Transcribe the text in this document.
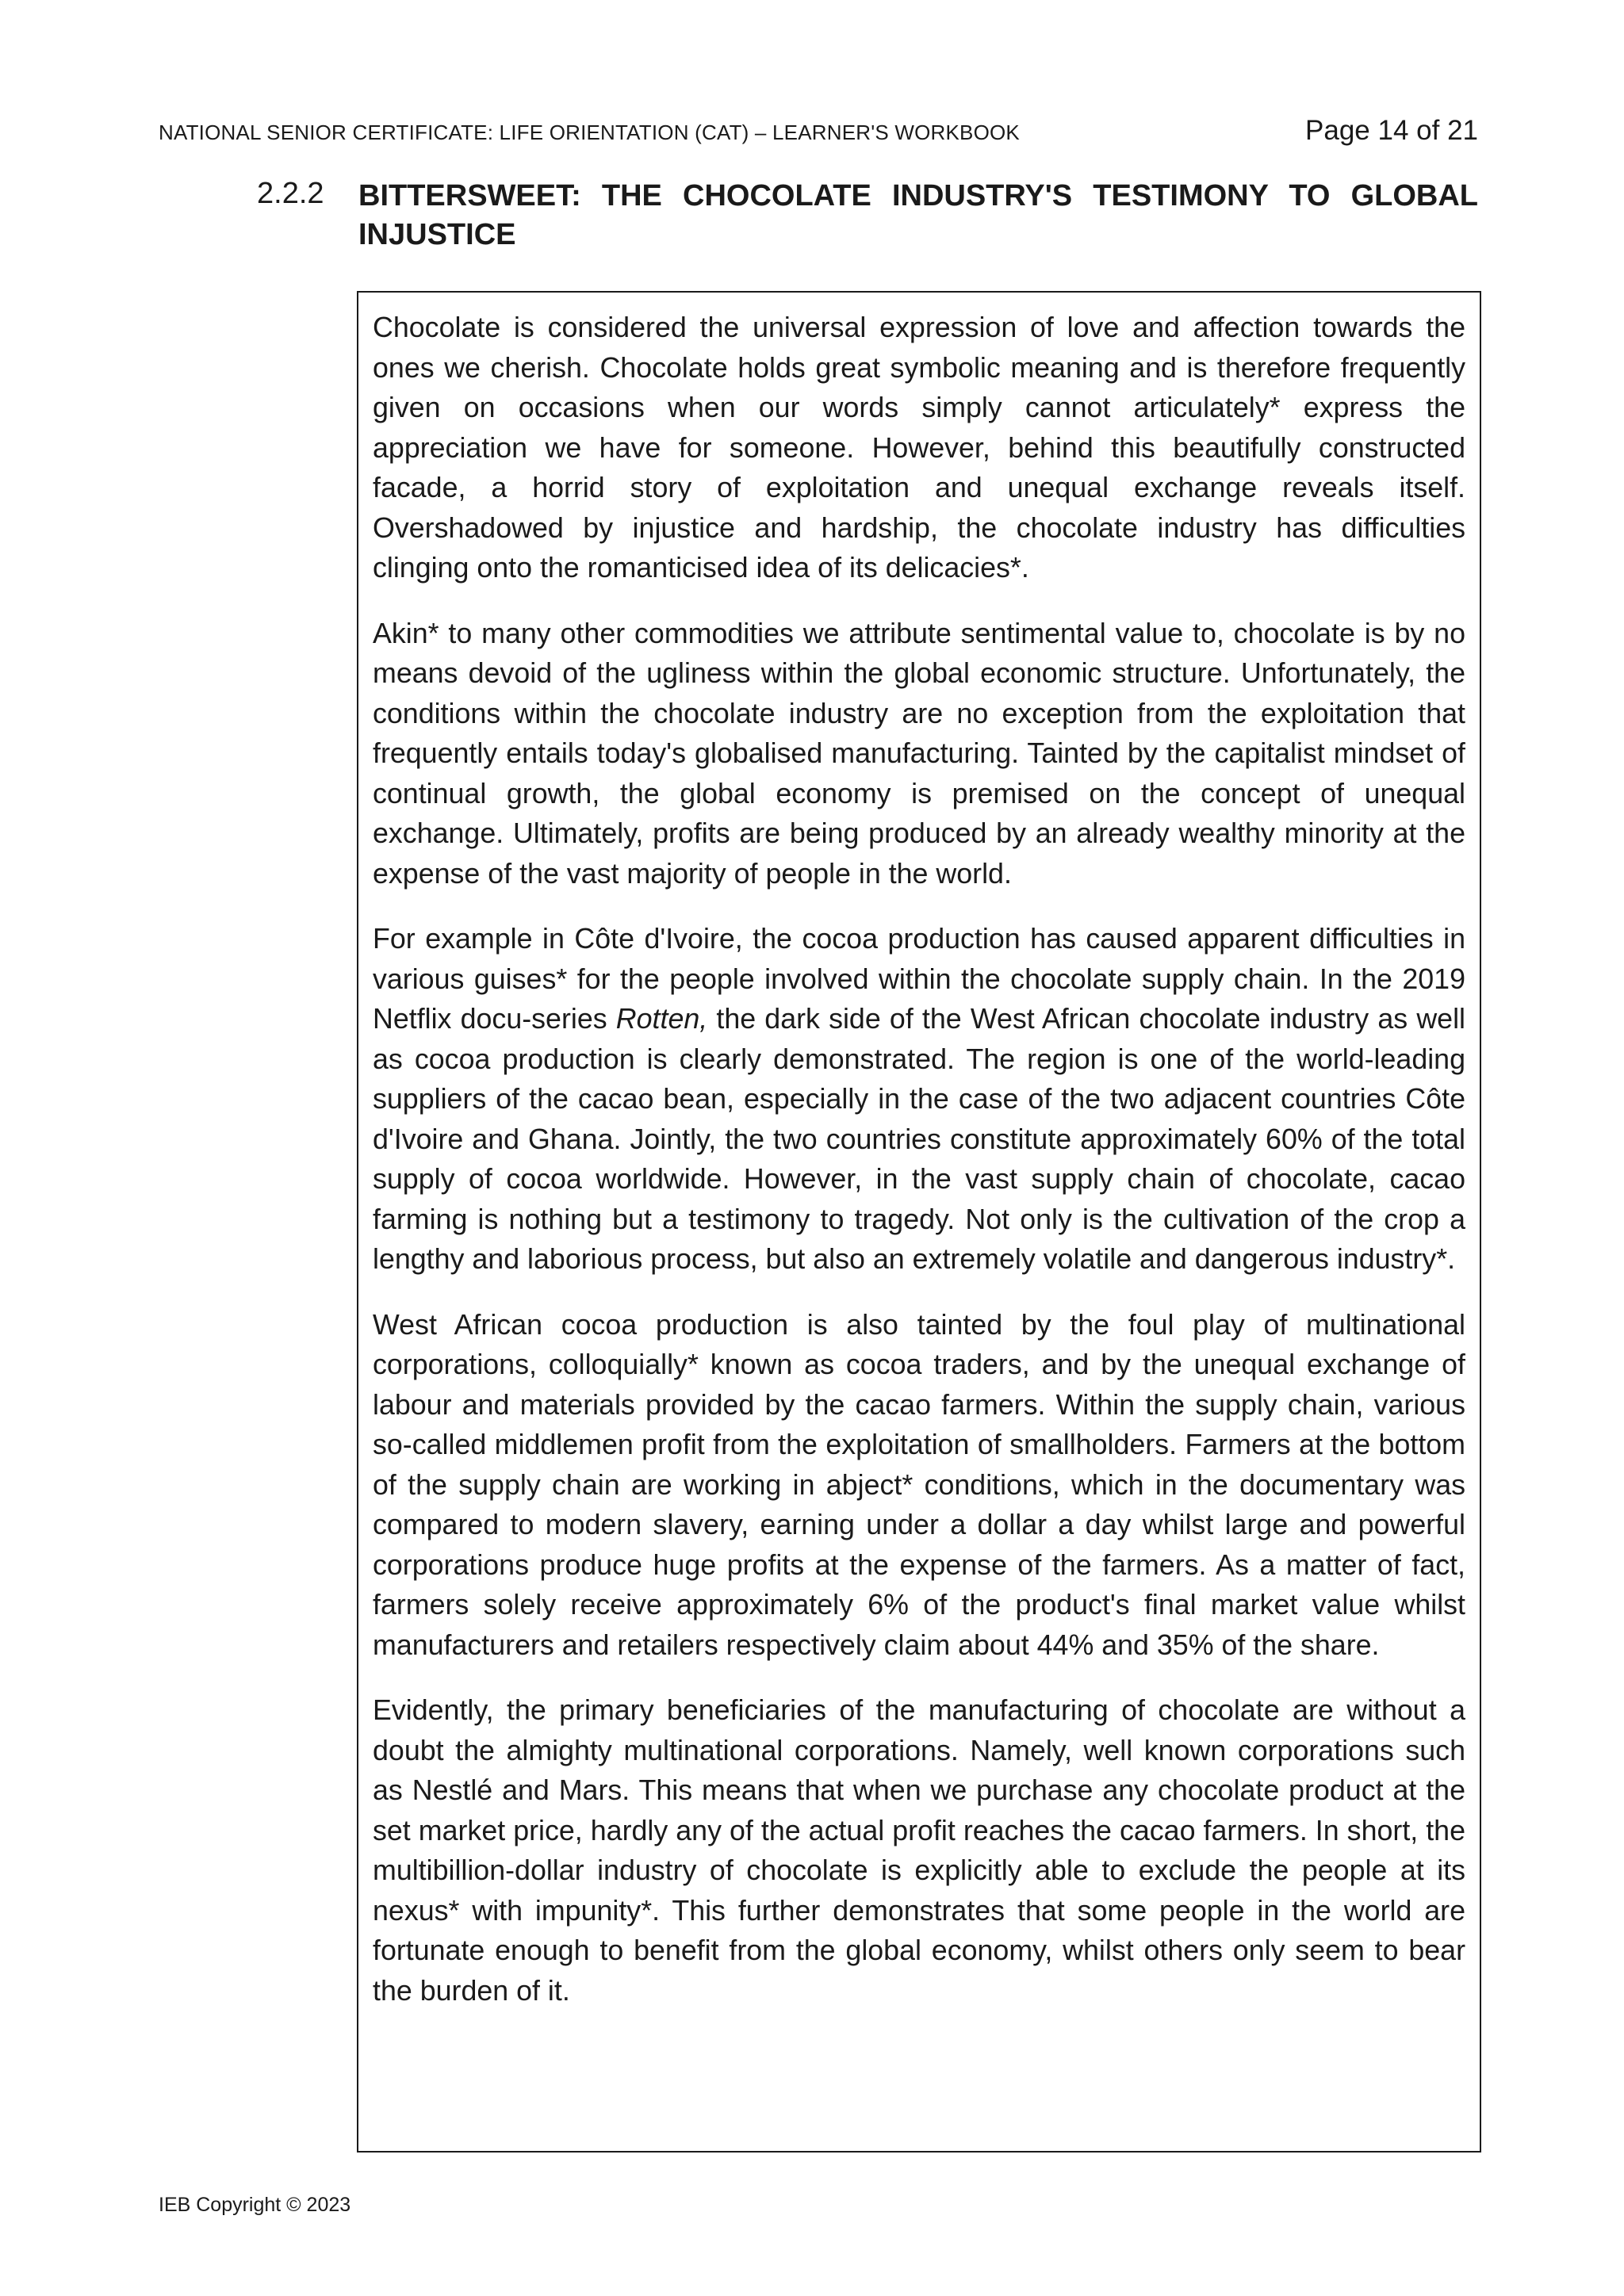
NATIONAL SENIOR CERTIFICATE: LIFE ORIENTATION (CAT) – LEARNER'S WORKBOOK	Page 14 of 21
2.2.2 BITTERSWEET: THE CHOCOLATE INDUSTRY'S TESTIMONY TO GLOBAL INJUSTICE

Chocolate is considered the universal expression of love and affection towards the ones we cherish. Chocolate holds great symbolic meaning and is therefore frequently given on occasions when our words simply cannot articulately* express the appreciation we have for someone. However, behind this beautifully constructed facade, a horrid story of exploitation and unequal exchange reveals itself. Overshadowed by injustice and hardship, the chocolate industry has difficulties clinging onto the romanticised idea of its delicacies*.

Akin* to many other commodities we attribute sentimental value to, chocolate is by no means devoid of the ugliness within the global economic structure. Unfortunately, the conditions within the chocolate industry are no exception from the exploitation that frequently entails today's globalised manufacturing. Tainted by the capitalist mindset of continual growth, the global economy is premised on the concept of unequal exchange. Ultimately, profits are being produced by an already wealthy minority at the expense of the vast majority of people in the world.

For example in Côte d'Ivoire, the cocoa production has caused apparent difficulties in various guises* for the people involved within the chocolate supply chain. In the 2019 Netflix docu-series Rotten, the dark side of the West African chocolate industry as well as cocoa production is clearly demonstrated. The region is one of the world-leading suppliers of the cacao bean, especially in the case of the two adjacent countries Côte d'Ivoire and Ghana. Jointly, the two countries constitute approximately 60% of the total supply of cocoa worldwide. However, in the vast supply chain of chocolate, cacao farming is nothing but a testimony to tragedy. Not only is the cultivation of the crop a lengthy and laborious process, but also an extremely volatile and dangerous industry*.

West African cocoa production is also tainted by the foul play of multinational corporations, colloquially* known as cocoa traders, and by the unequal exchange of labour and materials provided by the cacao farmers. Within the supply chain, various so-called middlemen profit from the exploitation of smallholders. Farmers at the bottom of the supply chain are working in abject* conditions, which in the documentary was compared to modern slavery, earning under a dollar a day whilst large and powerful corporations produce huge profits at the expense of the farmers. As a matter of fact, farmers solely receive approximately 6% of the product's final market value whilst manufacturers and retailers respectively claim about 44% and 35% of the share.

Evidently, the primary beneficiaries of the manufacturing of chocolate are without a doubt the almighty multinational corporations. Namely, well known corporations such as Nestlé and Mars. This means that when we purchase any chocolate product at the set market price, hardly any of the actual profit reaches the cacao farmers. In short, the multibillion-dollar industry of chocolate is explicitly able to exclude the people at its nexus* with impunity*. This further demonstrates that some people in the world are fortunate enough to benefit from the global economy, whilst others only seem to bear the burden of it.

IEB Copyright © 2023
